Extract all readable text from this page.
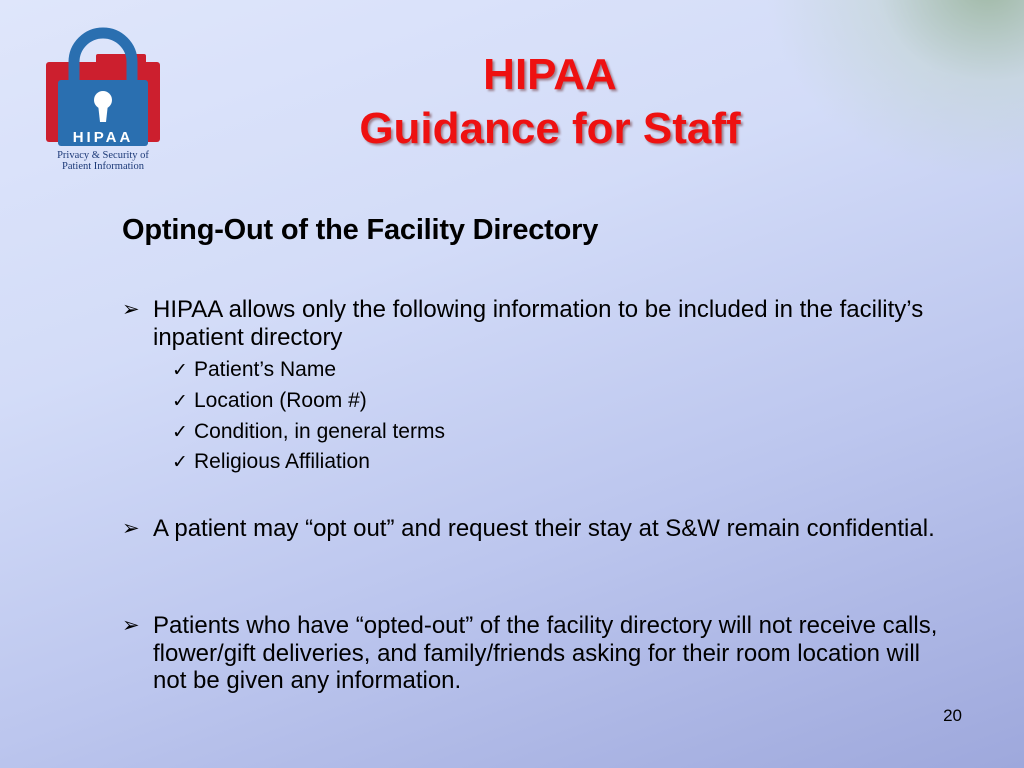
HIPAA
Privacy & Security of
Patient Information
HIPAA
Guidance for Staff
Opting-Out of the Facility Directory
➢ HIPAA allows only the following information to be included in the facility’s inpatient directory
✓ Patient’s Name
✓ Location (Room #)
✓ Condition, in general terms
✓ Religious Affiliation
➢ A patient may “opt out” and request their stay at S&W remain confidential.
➢ Patients who have “opted-out” of the facility directory will not receive calls, flower/gift deliveries, and family/friends asking for their room location will not be given any information.
20
